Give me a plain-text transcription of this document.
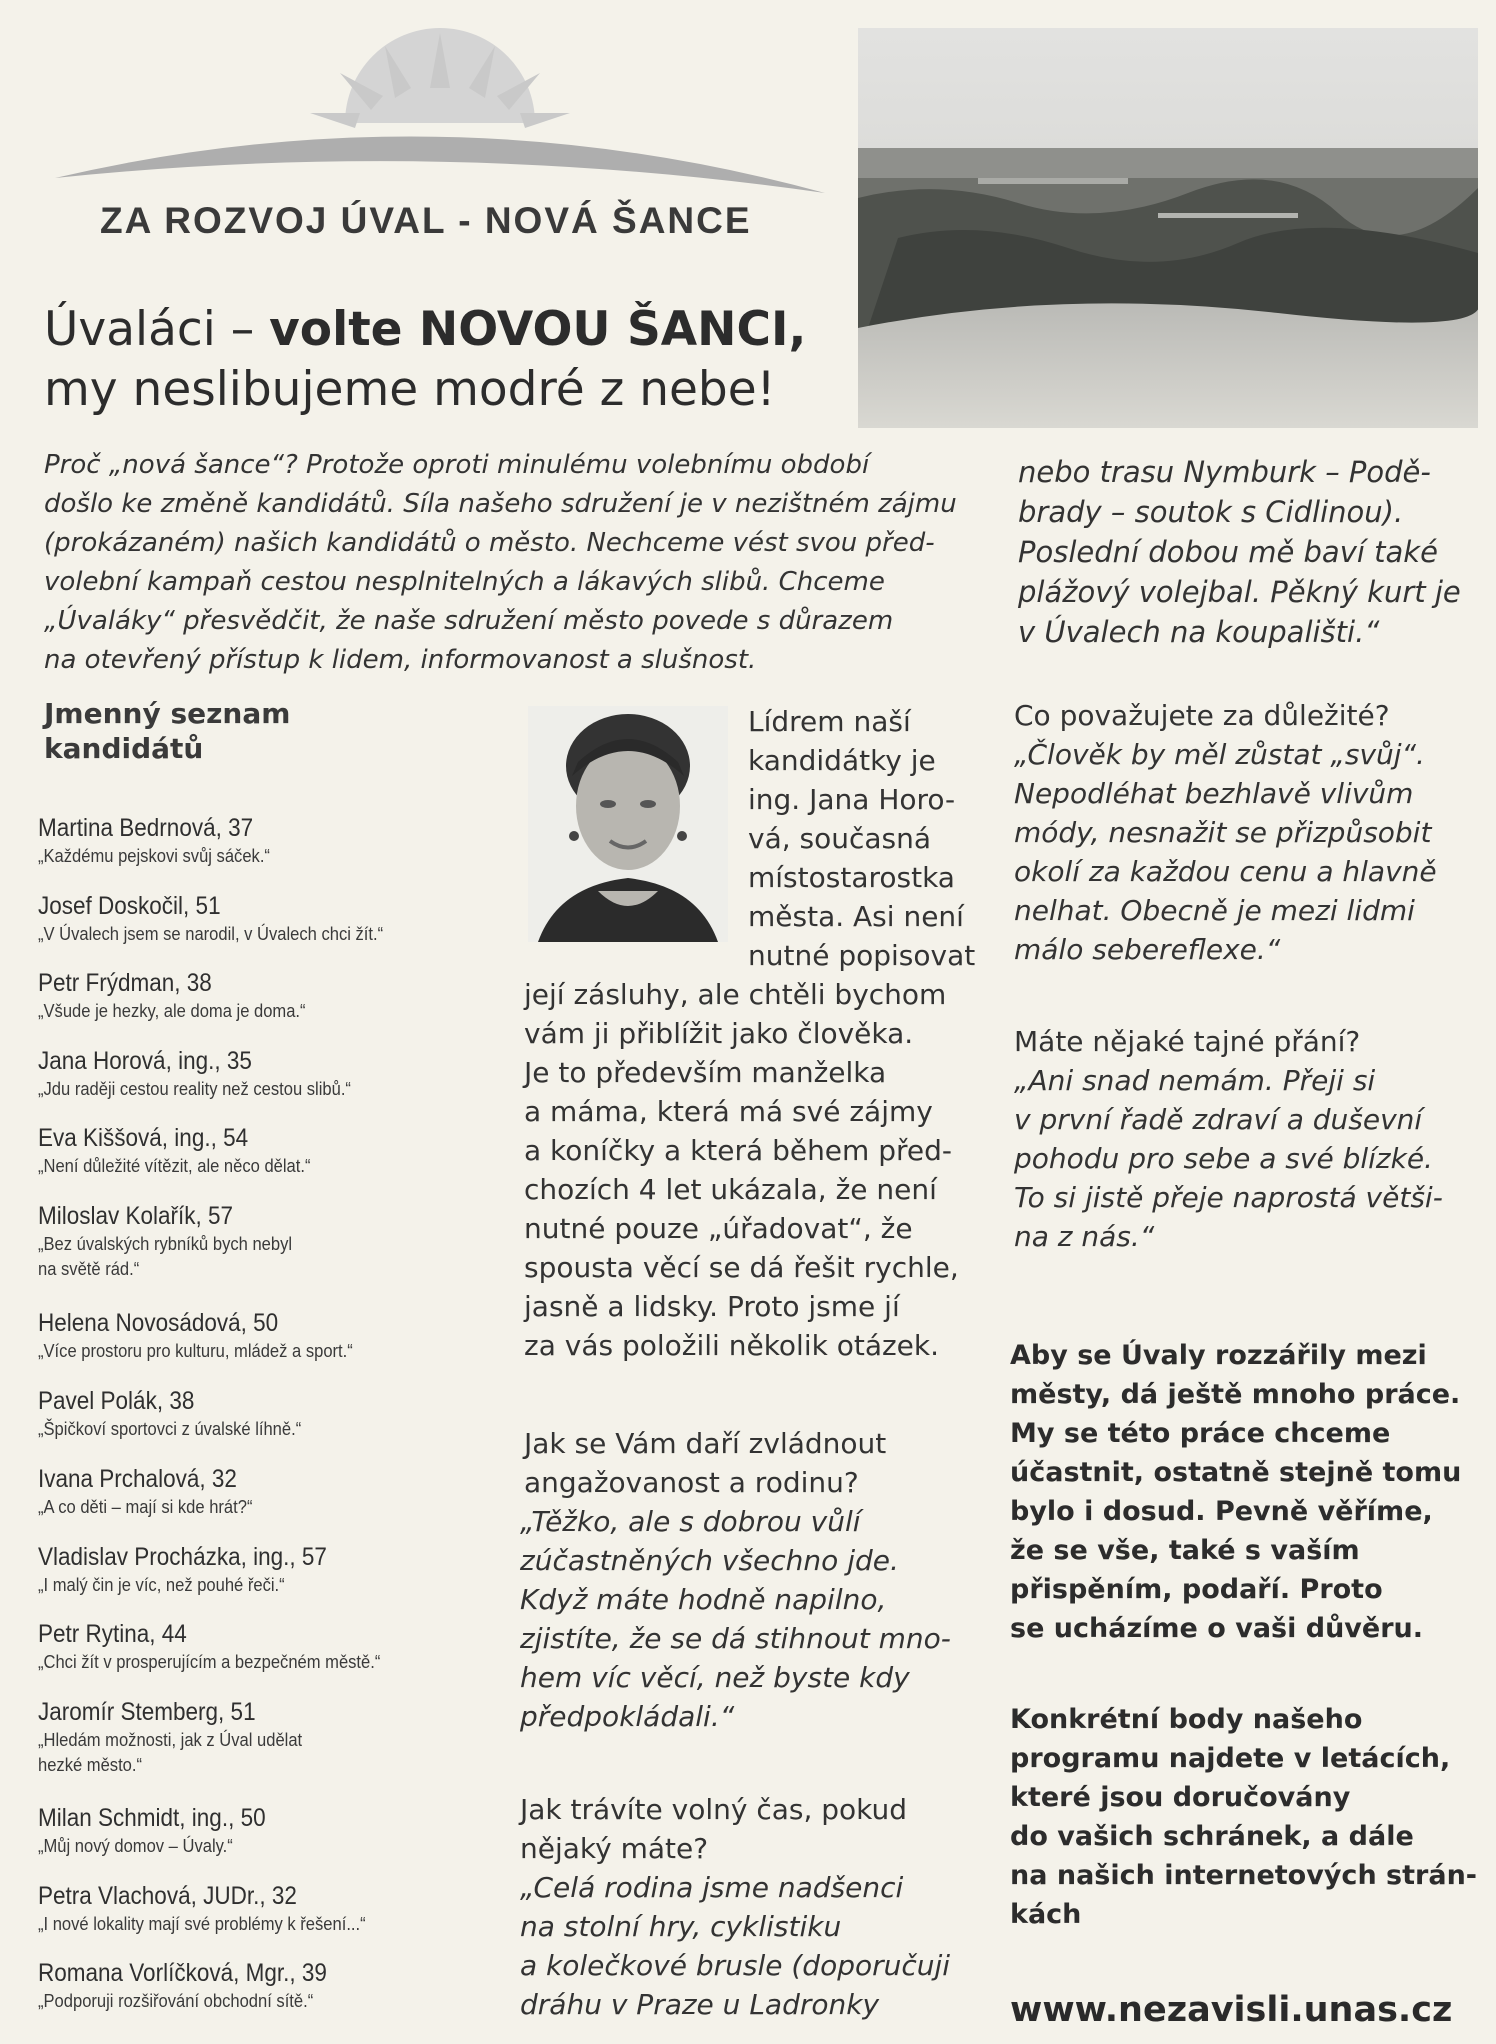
ZA ROZVOJ ÚVAL - NOVÁ ŠANCE
Úvaláci – volte NOVOU ŠANCI,
my neslibujeme modré z nebe!
Proč „nová šance“? Protože oproti minulému volebnímu období
došlo ke změně kandidátů. Síla našeho sdružení je v nezištném zájmu
(prokázaném) našich kandidátů o město. Nechceme vést svou před-
volební kampaň cestou nesplnitelných a lákavých slibů. Chceme
„Úvaláky“ přesvědčit, že naše sdružení město povede s důrazem
na otevřený přístup k lidem, informovanost a slušnost.
nebo trasu Nymburk – Podě-
brady – soutok s Cidlinou).
Poslední dobou mě baví také
plážový volejbal. Pěkný kurt je
v Úvalech na koupališti.“
Jmenný seznam
kandidátů
Martina Bedrnová, 37
„Každému pejskovi svůj sáček.“
Josef Doskočil, 51
„V Úvalech jsem se narodil, v Úvalech chci žít.“
Petr Frýdman, 38
„Všude je hezky, ale doma je doma.“
Jana Horová, ing., 35
„Jdu raději cestou reality než cestou slibů.“
Eva Kiššová, ing., 54
„Není důležité vítězit, ale něco dělat.“
Miloslav Kolařík, 57
„Bez úvalských rybníků bych nebyl
na světě rád.“
Helena Novosádová, 50
„Více prostoru pro kulturu, mládež a sport.“
Pavel Polák, 38
„Špičkoví sportovci z úvalské líhně.“
Ivana Prchalová, 32
„A co děti – mají si kde hrát?“
Vladislav Procházka, ing., 57
„I malý čin je víc, než pouhé řeči.“
Petr Rytina, 44
„Chci žít v prosperujícím a bezpečném městě.“
Jaromír Stemberg, 51
„Hledám možnosti, jak z Úval udělat
hezké město.“
Milan Schmidt, ing., 50
„Můj nový domov – Úvaly.“
Petra Vlachová, JUDr., 32
„I nové lokality mají své problémy k řešení...“
Romana Vorlíčková, Mgr., 39
„Podporuji rozšiřování obchodní sítě.“
Lídrem naší
kandidátky je
ing. Jana Horo-
vá, současná
místostarostka
města. Asi není
nutné popisovat
její zásluhy, ale chtěli bychom
vám ji přiblížit jako člověka.
Je to především manželka
a máma, která má své zájmy
a koníčky a která během před-
chozích 4 let ukázala, že není
nutné pouze „úřadovat“, že
spousta věcí se dá řešit rychle,
jasně a lidsky. Proto jsme jí
za vás položili několik otázek.
Jak se Vám daří zvládnout
angažovanost a rodinu?
„Těžko, ale s dobrou vůlí
zúčastněných všechno jde.
Když máte hodně napilno,
zjistíte, že se dá stihnout mno-
hem víc věcí, než byste kdy
předpokládali.“
Jak trávíte volný čas, pokud
nějaký máte?
„Celá rodina jsme nadšenci
na stolní hry, cyklistiku
a kolečkové brusle (doporučuji
dráhu v Praze u Ladronky
Co považujete za důležité?
„Člověk by měl zůstat „svůj“.
Nepodléhat bezhlavě vlivům
módy, nesnažit se přizpůsobit
okolí za každou cenu a hlavně
nelhat. Obecně je mezi lidmi
málo sebereflexe.“
Máte nějaké tajné přání?
„Ani snad nemám. Přeji si
v první řadě zdraví a duševní
pohodu pro sebe a své blízké.
To si jistě přeje naprostá větši-
na z nás.“
Aby se Úvaly rozzářily mezi
městy, dá ještě mnoho práce.
My se této práce chceme
účastnit, ostatně stejně tomu
bylo i dosud. Pevně věříme,
že se vše, také s vaším
přispěním, podaří. Proto
se ucházíme o vaši důvěru.
Konkrétní body našeho
programu najdete v letácích,
které jsou doručovány
do vašich schránek, a dále
na našich internetových strán-
kách
www.nezavisli.unas.cz
